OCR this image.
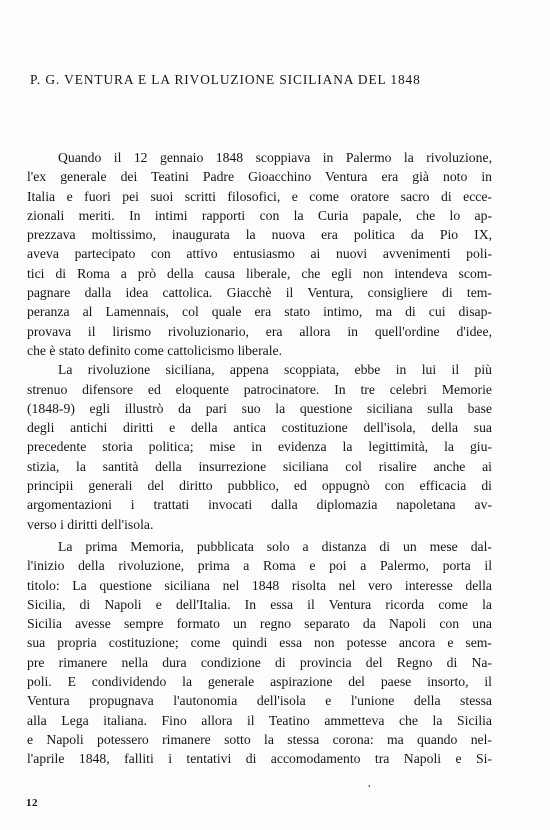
P. G. VENTURA E LA RIVOLUZIONE SICILIANA DEL 1848
Quando il 12 gennaio 1848 scoppiava in Palermo la rivoluzione,
l'ex generale dei Teatini Padre Gioacchino Ventura era già noto in
Italia e fuori pei suoi scritti filosofici, e come oratore sacro di ecce-
zionali meriti. In intimi rapporti con la Curia papale, che lo ap-
prezzava moltissimo, inaugurata la nuova era politica da Pio IX,
aveva partecipato con attivo entusiasmo ai nuovi avvenimenti poli-
tici di Roma a prò della causa liberale, che egli non intendeva scom-
pagnare dalla idea cattolica. Giacchè il Ventura, consigliere di tem-
peranza al Lamennais, col quale era stato intimo, ma di cui disap-
provava il lirismo rivoluzionario, era allora in quell'ordine d'idee,
che è stato definito come cattolicismo liberale.
La rivoluzione siciliana, appena scoppiata, ebbe in lui il più
strenuo difensore ed eloquente patrocinatore. In tre celebri Memorie
(1848-9) egli illustrò da pari suo la questione siciliana sulla base
degli antichi diritti e della antica costituzione dell'isola, della sua
precedente storia politica; mise in evidenza la legittimità, la giu-
stizia, la santità della insurrezione siciliana col risalire anche ai
principii generali del diritto pubblico, ed oppugnò con efficacia di
argomentazioni i trattati invocati dalla diplomazia napoletana av-
verso i diritti dell'isola.
La prima Memoria, pubblicata solo a distanza di un mese dal-
l'inizio della rivoluzione, prima a Roma e poi a Palermo, porta il
titolo: La questione siciliana nel 1848 risolta nel vero interesse della
Sicilia, di Napoli e dell'Italia. In essa il Ventura ricorda come la
Sicilia avesse sempre formato un regno separato da Napoli con una
sua propria costituzione; come quindi essa non potesse ancora e sem-
pre rimanere nella dura condizione di provincia del Regno di Na-
poli. E condividendo la generale aspirazione del paese insorto, il
Ventura propugnava l'autonomia dell'isola e l'unione della stessa
alla Lega italiana. Fino allora il Teatino ammetteva che la Sicilia
e Napoli potessero rimanere sotto la stessa corona: ma quando nel-
l'aprile 1848, falliti i tentativi di accomodamento tra Napoli e Si-
12
˺
